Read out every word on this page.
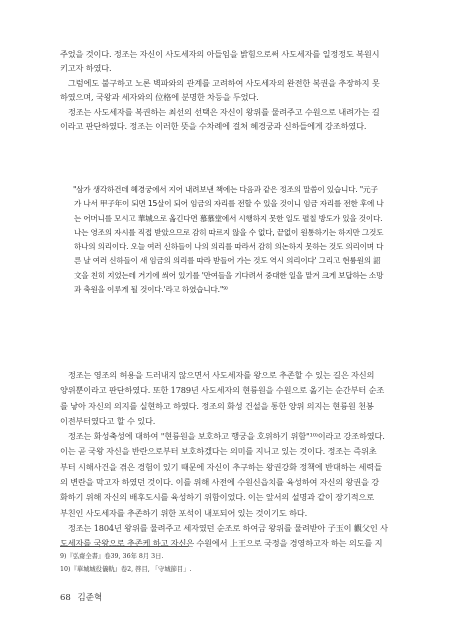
주었을 것이다. 정조는 자신이 사도세자의 아들임을 밝힘으로써 사도세자를 일정정도 복원시

키고자 하였다.

그럼에도 불구하고 노론 벽파와의 관계를 고려하여 사도세자의 완전한 복권을 추장하지 못

하였으며, 국왕과 세자와의 位格에 분명한 차등을 두었다.

정조는 사도세자를 복권하는 최선의 선택은 자신이 왕위를 물려주고 수원으로 내려가는 길

이라고 판단하였다. 정조는 이러한 뜻을 수차례에 걸쳐 혜경궁과 신하들에게 강조하였다.

"삼가 생각하건데 혜경궁에서 지어 내려보낸 책에는 다음과 같은 정조의 말씀이 있습니다. "元子

가 나서 甲子年이 되면 15살이 되어 임금의 자리를 전할 수 있을 것이니 임금 자리를 전한 후에 나

는 어머니를 모시고 華城으로 옮긴다면 慕慕堂에서 시행하지 못한 일도 펼칠 방도가 있을 것이다.

나는 영조의 자시를 직접 받았으므로 감히 따르지 않을 수 없다, 끝없이 원통하기는 하지만 그것도

하나의 의리이다. 오늘 여러 신하들이 나의 의리를 따라서 감히 의논하지 못하는 것도 의리이며 다

른 날 여러 신하들이 새 임금의 의리를 따라 받들어 가는 것도 역시 의리이다' 그리고 현륭원의 詔

文을 친히 지었는데 거기에 씌어 있기를 '만여들을 기다려서 중대한 일을 맡겨 크게 보답하는 소망

과 축원을 이루게 될 것이다.'라고 하였습니다."⁹⁾

정조는 영조의 허용을 드러내지 않으면서 사도세자를 왕으로 추존할 수 있는 길은 자신의

양위뿐이라고 판단하였다. 또한 1789년 사도세자의 현륭원을 수원으로 옮기는 순간부터 순조

를 낳아 자신의 의지를 실현하고 하였다. 정조의 화성 건설을 통한 양위 의지는 현륭원 천봉

이전부터였다고 할 수 있다.

정조는 화성축성에 대하여 "현륭원을 보호하고 행궁을 호위하기 위함"¹⁰⁾이라고 강조하였다.

이는 곧 국왕 자신을 반란으로부터 보호하겠다는 의미를 지니고 있는 것이다. 정조는 즉위초

부터 시해사건을 겪은 경험이 있기 때문에 자신이 추구하는 왕권강화 정책에 반대하는 세력들

의 변란을 막고자 하였던 것이다. 이를 위해 사전에 수원신읍치를 육성하여 자신의 왕권을 강

화하기 위해 자신의 배후도시를 육성하기 위함이었다. 이는 앞서의 설명과 같이 장기적으로

부친인 사도세자를 추존하기 위한 포석이 내포되어 있는 것이기도 하다.

정조는 1804년 왕위를 물려주고 세자였던 순조로 하여금 왕위를 물려받아 子玉이 觀父인 사

도세자를 국왕으로 추존케 하고 자신은 수원에서 上王으로 국정을 경영하고자 하는 의도를 지

9)『弘齋全書』卷39, 36年 8月 3日.

10)『華城城役儀軌』卷2, 啓目, 「守城節目」.

68 김준혁
